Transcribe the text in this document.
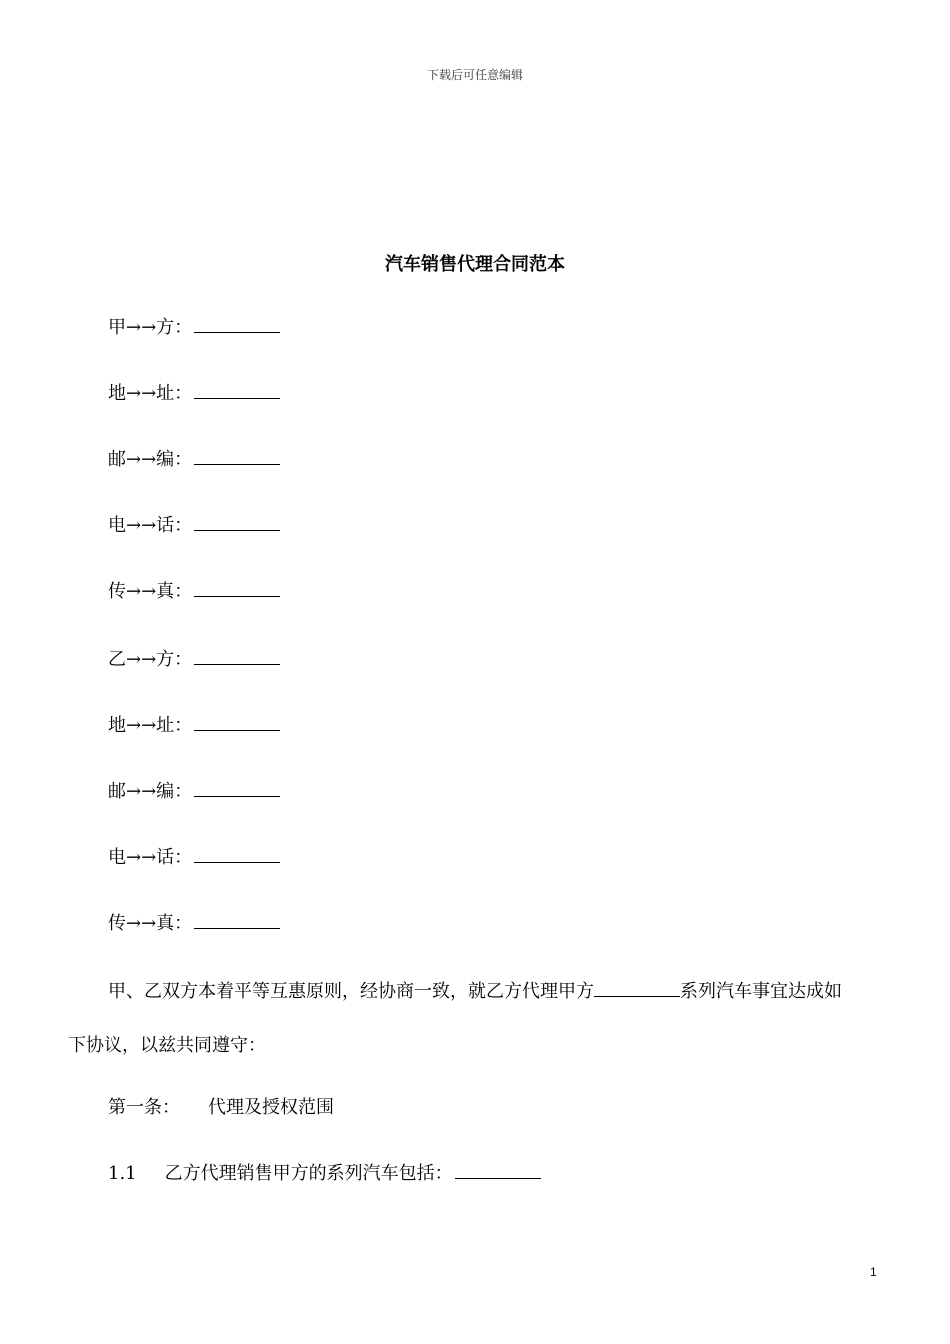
下载后可任意编辑
汽车销售代理合同范本
甲→→方：
地→→址：
邮→→编：
电→→话：
传→→真：
乙→→方：
地→→址：
邮→→编：
电→→话：
传→→真：
甲、乙双方本着平等互惠原则，经协商一致，就乙方代理甲方	系列汽车事宜达成如
下协议，以兹共同遵守：
第一条： 代理及授权范围
1.1 乙方代理销售甲方的系列汽车包括：
1
